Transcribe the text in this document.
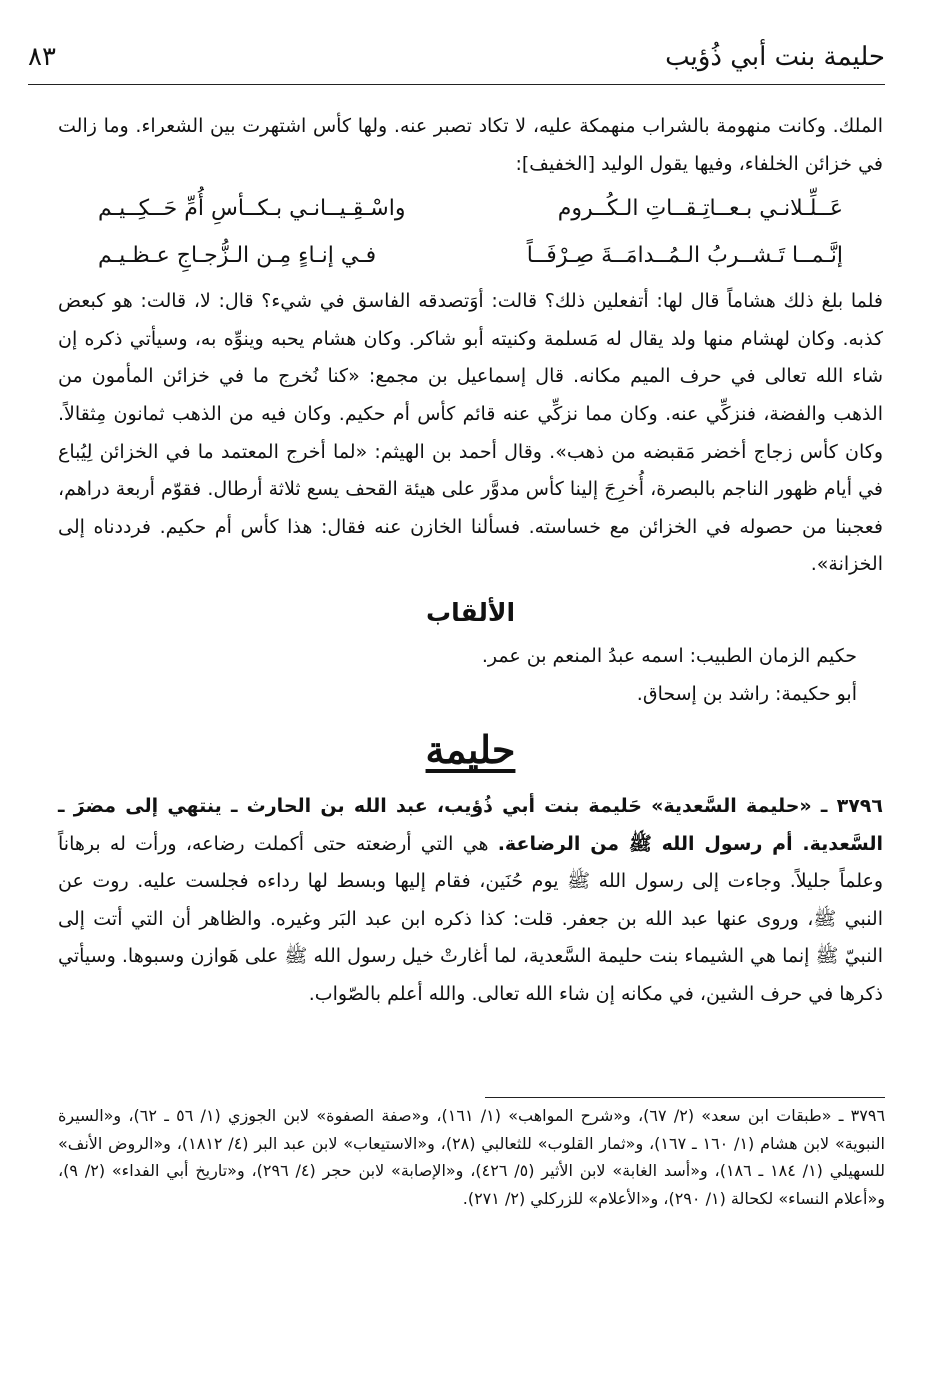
حليمة بنت أبي ذُؤيب
٨٣

الملك. وكانت منهومة بالشراب منهمكة عليه، لا تكاد تصبر عنه. ولها كأس اشتهرت بين الشعراء. وما زالت في خزائن الخلفاء، وفيها يقول الوليد [الخفيف]:

عَــلِّـلانـي بـعــاتِـقــاتِ الـكُــروم
واسْـقِـيــانـي بـكــأسِ أُمِّ حَــكِــيـم
إنَّـمــا تَـشــربُ الـمُــدامَــةَ صِـرْفَــاً
فـي إنـاءٍ مِـن الـزُّجـاجِ عـظـيـم

فلما بلغ ذلك هشاماً قال لها: أتفعلين ذلك؟ قالت: أوَتصدقه الفاسق في شيء؟ قال: لا، قالت: هو كبعض كذبه. وكان لهشام منها ولد يقال له مَسلمة وكنيته أبو شاكر. وكان هشام يحبه وينوِّه به، وسيأتي ذكره إن شاء الله تعالى في حرف الميم مكانه. قال إسماعيل بن مجمع: «كنا نُخرج ما في خزائن المأمون من الذهب والفضة، فنزكِّي عنه. وكان مما نزكِّي عنه قائم كأس أم حكيم. وكان فيه من الذهب ثمانون مِثقالاً. وكان كأس زجاج أخضر مَقبضه من ذهب». وقال أحمد بن الهيثم: «لما أخرج المعتمد ما في الخزائن لِيُباع في أيام ظهور الناجم بالبصرة، أُخرِجَ إلينا كأس مدوَّر على هيئة القحف يسع ثلاثة أرطال. فقوّم أربعة دراهم، فعجبنا من حصوله في الخزائن مع خساسته. فسألنا الخازن عنه فقال: هذا كأس أم حكيم. فرددناه إلى الخزانة».

الألقاب

حكيم الزمان الطبيب: اسمه عبدُ المنعم بن عمر.

أبو حكيمة: راشد بن إسحاق.

حليمة

٣٧٩٦ ـ «حليمة السَّعدية» حَليمة بنت أبي ذُؤيب، عبد الله بن الحارث ـ ينتهي إلى مضرَ ـ السَّعدية. أم رسول الله ﷺ من الرضاعة. هي التي أرضعته حتى أكملت رضاعه، ورأت له برهاناً وعلماً جليلاً. وجاءت إلى رسول الله ﷺ يوم حُنَين، فقام إليها وبسط لها رداءه فجلست عليه. روت عن النبي ﷺ، وروى عنها عبد الله بن جعفر. قلت: كذا ذكره ابن عبد البَر وغيره. والظاهر أن التي أتت إلى النبيّ ﷺ إنما هي الشيماء بنت حليمة السَّعدية، لما أغارتْ خيل رسول الله ﷺ على هَوازن وسبوها. وسيأتي ذكرها في حرف الشين، في مكانه إن شاء الله تعالى. والله أعلم بالصّواب.

٣٧٩٦ ـ «طبقات ابن سعد» (٢/ ٦٧)، و«شرح المواهب» (١/ ١٦١)، و«صفة الصفوة» لابن الجوزي (١/ ٥٦ ـ ٦٢)، و«السيرة النبوية» لابن هشام (١/ ١٦٠ ـ ١٦٧)، و«ثمار القلوب» للثعالبي (٢٨)، و«الاستيعاب» لابن عبد البر (٤/ ١٨١٢)، و«الروض الأنف» للسهيلي (١/ ١٨٤ ـ ١٨٦)، و«أسد الغابة» لابن الأثير (٥/ ٤٢٦)، و«الإصابة» لابن حجر (٤/ ٢٩٦)، و«تاريخ أبي الفداء» (٢/ ٩)، و«أعلام النساء» لكحالة (١/ ٢٩٠)، و«الأعلام» للزركلي (٢/ ٢٧١).
